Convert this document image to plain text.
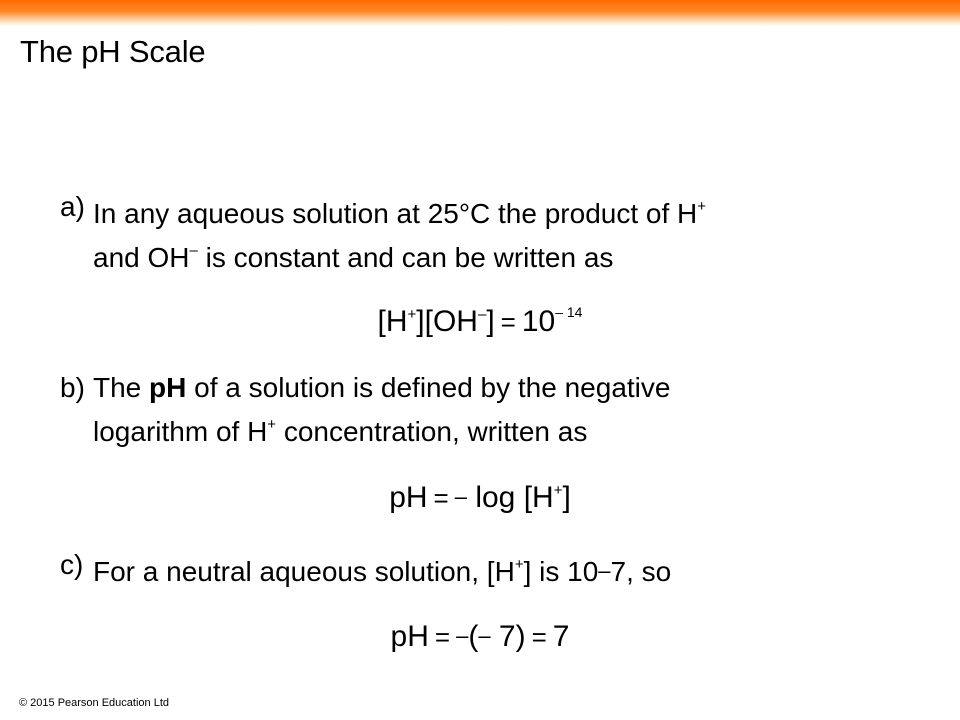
The pH Scale
a) In any aqueous solution at 25°C the product of H+
and OH– is constant and can be written as
$[H^+][OH^-] = 10^{- 14}$
b) The pH of a solution is defined by the negative
logarithm of H+ concentration, written as
pH = – log [H+]
c) For a neutral aqueous solution, [H+] is 10–7, so
pH = –(– 7) = 7
© 2015 Pearson Education Ltd
